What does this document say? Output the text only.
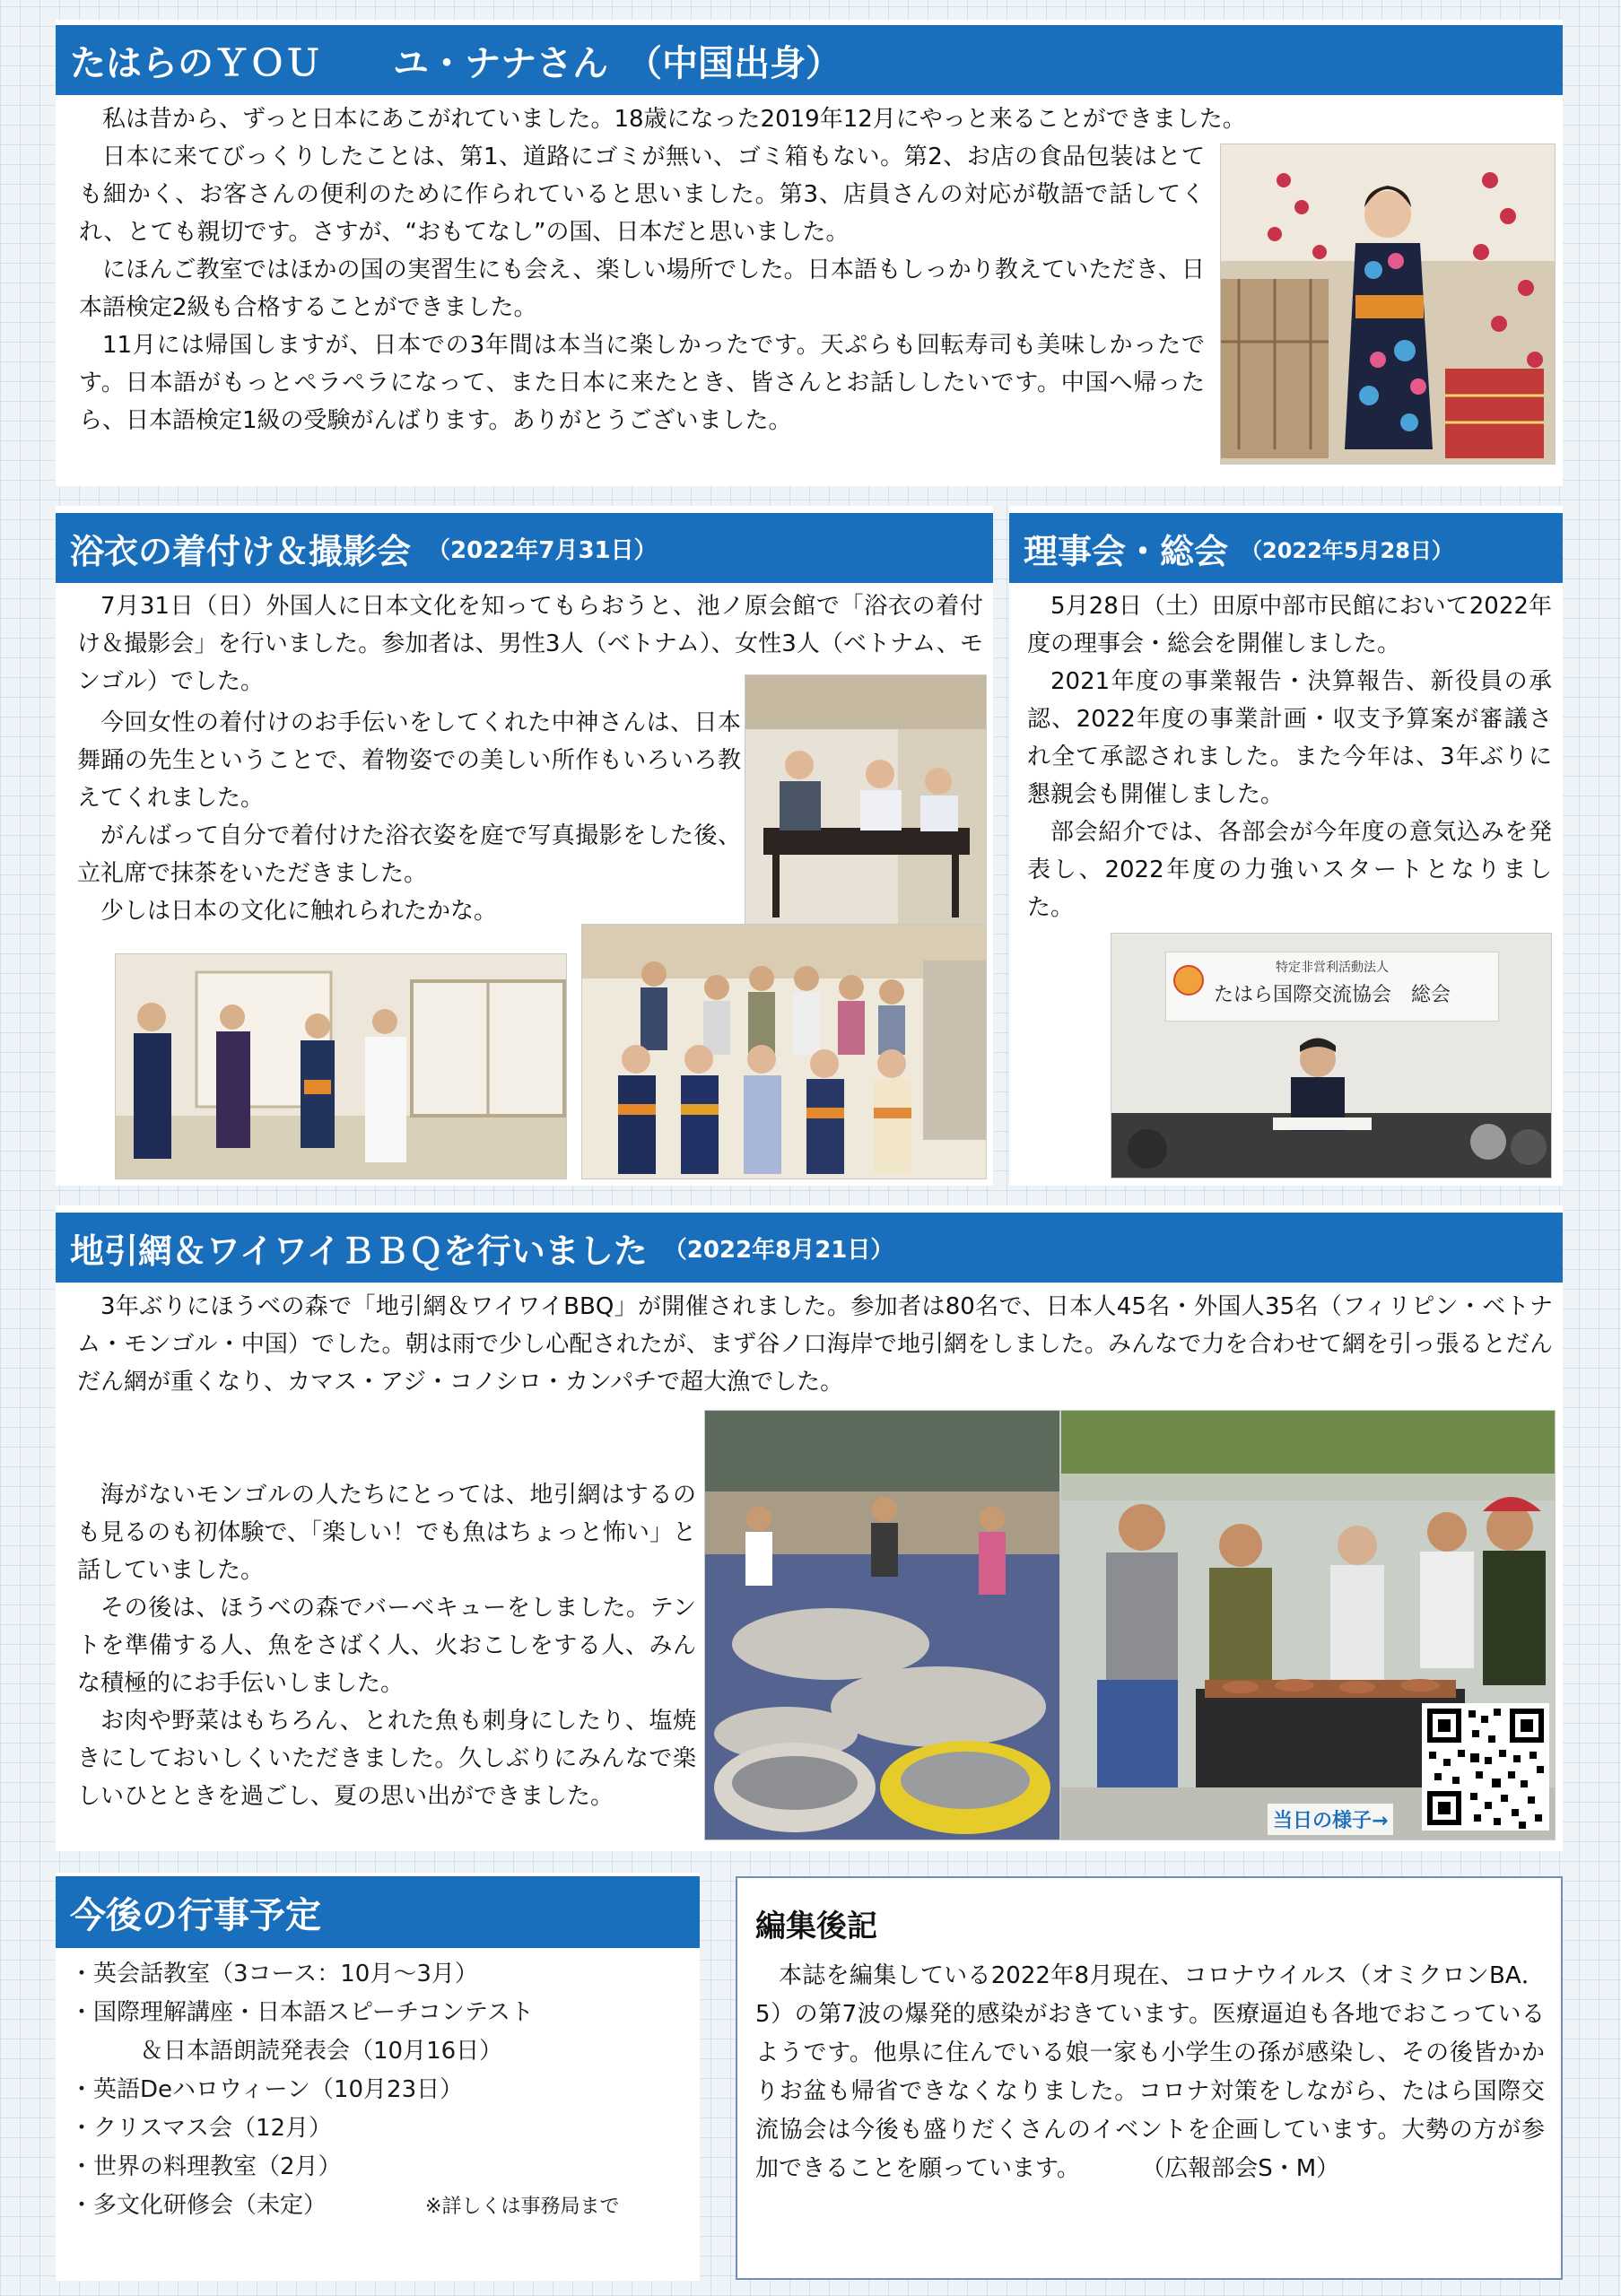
たはらのＹＯＵ　　ユ・ナナさん　（中国出身）

私は昔から、ずっと日本にあこがれていました。18歳になった2019年12月にやっと来ることができました。

日本に来てびっくりしたことは、第1、道路にゴミが無い、ゴミ箱もない。第2、お店の食品包装はとても細かく、お客さんの便利のために作られていると思いました。第3、店員さんの対応が敬語で話してくれ、とても親切です。さすが、“おもてなし”の国、日本だと思いました。

にほんご教室ではほかの国の実習生にも会え、楽しい場所でした。日本語もしっかり教えていただき、日本語検定2級も合格することができました。

11月には帰国しますが、日本での3年間は本当に楽しかったです。天ぷらも回転寿司も美味しかったです。日本語がもっとペラペラになって、また日本に来たとき、皆さんとお話ししたいです。中国へ帰ったら、日本語検定1級の受験がんばります。ありがとうございました。

浴衣の着付け＆撮影会 （2022年7月31日）

7月31日（日）外国人に日本文化を知ってもらおうと、池ノ原会館で「浴衣の着付け＆撮影会」を行いました。参加者は、男性3人（ベトナム）、女性3人（ベトナム、モンゴル）でした。

今回女性の着付けのお手伝いをしてくれた中神さんは、日本舞踊の先生ということで、着物姿での美しい所作もいろいろ教えてくれました。

がんばって自分で着付けた浴衣姿を庭で写真撮影をした後、立礼席で抹茶をいただきました。

少しは日本の文化に触れられたかな。

理事会・総会 （2022年5月28日）

5月28日（土）田原中部市民館において2022年度の理事会・総会を開催しました。

2021年度の事業報告・決算報告、新役員の承認、2022年度の事業計画・収支予算案が審議され全て承認されました。また今年は、3年ぶりに懇親会も開催しました。

部会紹介では、各部会が今年度の意気込みを発表し、2022年度の力強いスタートとなりました。

特定非営利活動法人
たはら国際交流協会　総会
地引網＆ワイワイＢＢＱを行いました （2022年8月21日）

3年ぶりにほうべの森で「地引網＆ワイワイBBQ」が開催されました。参加者は80名で、日本人45名・外国人35名（フィリピン・ベトナム・モンゴル・中国）でした。朝は雨で少し心配されたが、まず谷ノ口海岸で地引網をしました。みんなで力を合わせて網を引っ張るとだんだん網が重くなり、カマス・アジ・コノシロ・カンパチで超大漁でした。

海がないモンゴルの人たちにとっては、地引網はするのも見るのも初体験で、「楽しい！でも魚はちょっと怖い」と話していました。

その後は、ほうべの森でバーベキューをしました。テントを準備する人、魚をさばく人、火おこしをする人、みんな積極的にお手伝いしました。

お肉や野菜はもちろん、とれた魚も刺身にしたり、塩焼きにしておいしくいただきました。久しぶりにみんなで楽しいひとときを過ごし、夏の思い出ができました。

当日の様子→
今後の行事予定
・英会話教室（3コース：10月～3月）
・国際理解講座・日本語スピーチコンテスト
　　　＆日本語朗読発表会（10月16日）
・英語Deハロウィーン（10月23日）
・クリスマス会（12月）
・世界の料理教室（2月）
・多文化研修会（未定）	※詳しくは事務局まで
編集後記

本誌を編集している2022年8月現在、コロナウイルス（オミクロンBA．5）の第7波の爆発的感染がおきています。医療逼迫も各地でおこっているようです。他県に住んでいる娘一家も小学生の孫が感染し、その後皆かかりお盆も帰省できなくなりました。コロナ対策をしながら、たはら国際交流協会は今後も盛りだくさんのイベントを企画しています。大勢の方が参加できることを願っています。	（広報部会S・M）
